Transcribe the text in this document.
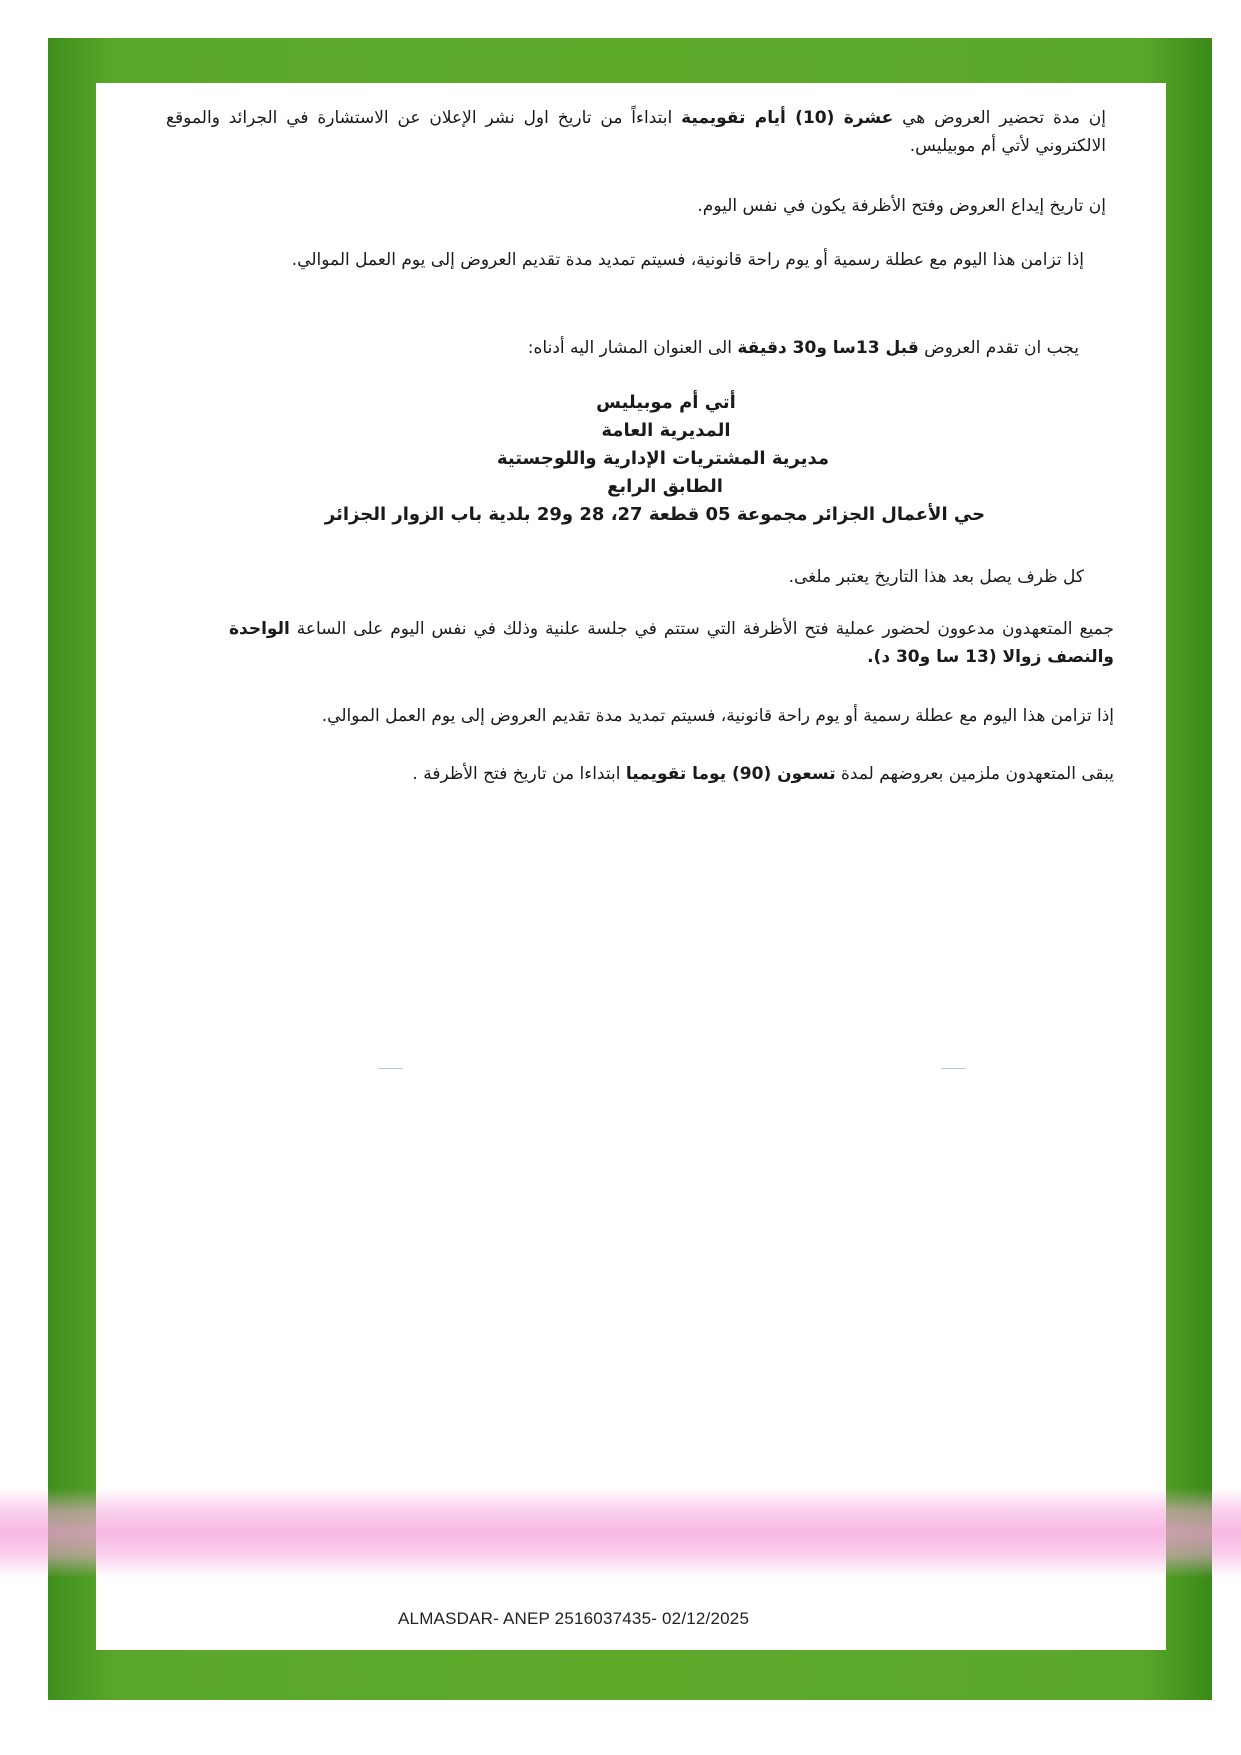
إن مدة تحضير العروض هي عشرة (10) أيام تقويمية ابتداءاً من تاريخ اول نشر الإعلان عن الاستشارة في الجرائد والموقع الالكتروني لأتي أم موبيليس.

إن تاريخ إيداع العروض وفتح الأظرفة يكون في نفس اليوم.

إذا تزامن هذا اليوم مع عطلة رسمية أو يوم راحة قانونية، فسيتم تمديد مدة تقديم العروض إلى يوم العمل الموالي.

يجب ان تقدم العروض قبل 13سا و30 دقيقة الى العنوان المشار اليه أدناه:

أتي أم موبيليس
المديرية العامة
مديرية المشتريات الإدارية واللوجستية
الطابق الرابع
حي الأعمال الجزائر مجموعة 05 قطعة 27، 28 و29 بلدية باب الزوار الجزائر

كل ظرف يصل بعد هذا التاريخ يعتبر ملغى.

جميع المتعهدون مدعوون لحضور عملية فتح الأظرفة التي ستتم في جلسة علنية وذلك في نفس اليوم على الساعة الواحدة والنصف زوالا (13 سا و30 د).

إذا تزامن هذا اليوم مع عطلة رسمية أو يوم راحة قانونية، فسيتم تمديد مدة تقديم العروض إلى يوم العمل الموالي.

يبقى المتعهدون ملزمين بعروضهم لمدة تسعون (90) يوما تقويميا ابتداءا من تاريخ فتح الأظرفة .

ALMASDAR- ANEP 2516037435- 02/12/2025
